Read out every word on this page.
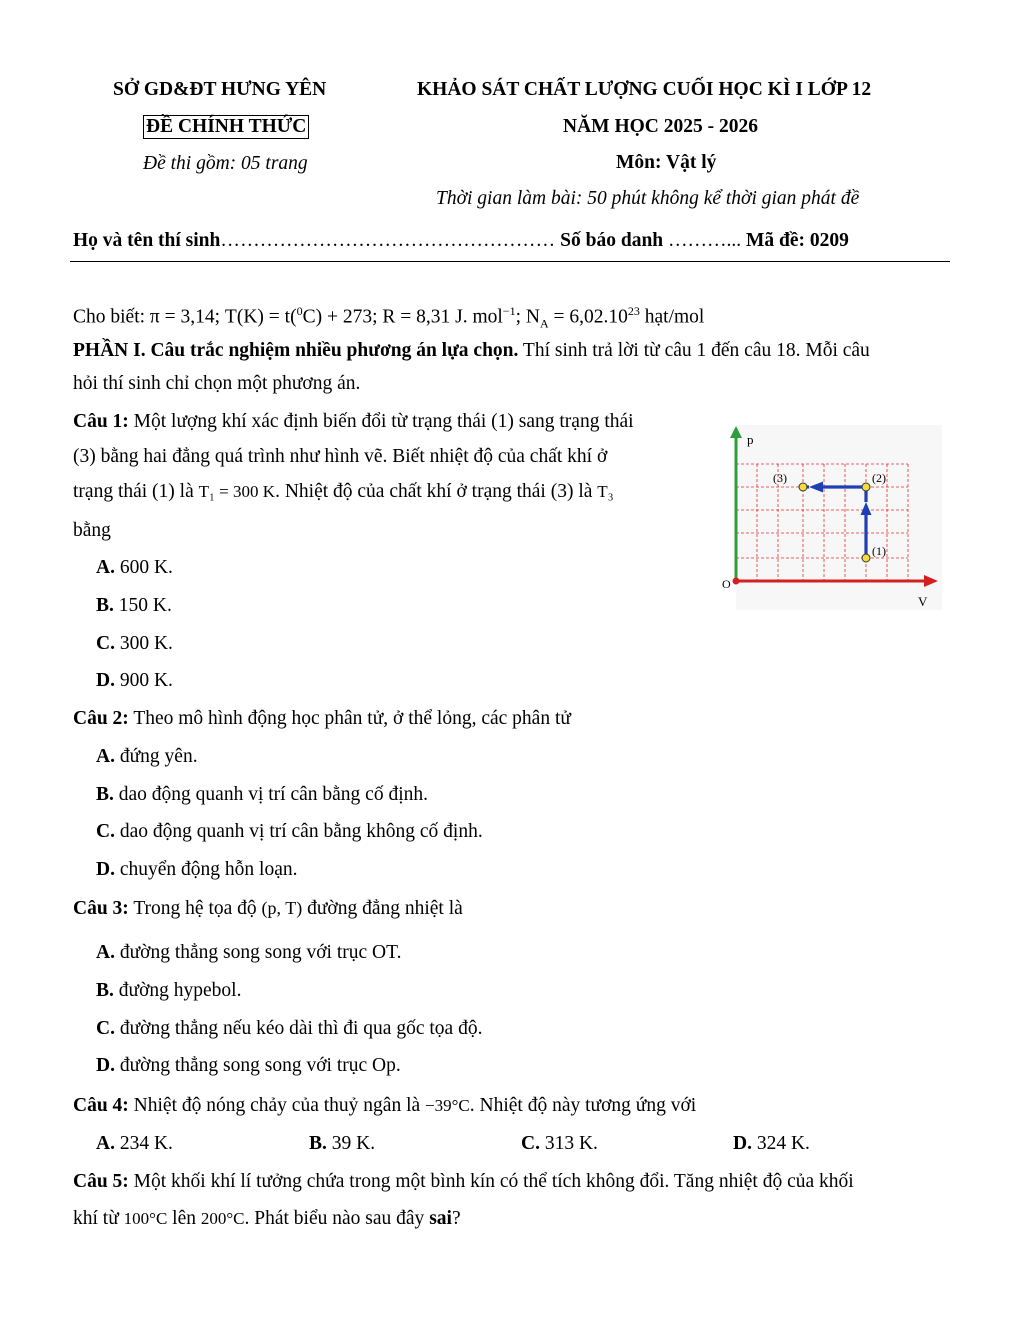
SỞ GD&ĐT HƯNG YÊN
ĐỀ CHÍNH THỨC
Đề thi gồm: 05 trang
KHẢO SÁT CHẤT LƯỢNG CUỐI HỌC KÌ I LỚP 12
NĂM HỌC 2025 - 2026
Môn: Vật lý
Thời gian làm bài: 50 phút không kể thời gian phát đề
Họ và tên thí sinh…………………………………………… Số báo danh ………... Mã đề: 0209
Cho biết: π = 3,14; T(K) = t($^0$C) + 273; R = 8,31 J. mol$^{-1}$; $N_A = 6,02.10^{23}$ hạt/mol
PHẦN I. Câu trắc nghiệm nhiều phương án lựa chọn. Thí sinh trả lời từ câu 1 đến câu 18. Mỗi câu
hỏi thí sinh chỉ chọn một phương án.
Câu 1: Một lượng khí xác định biến đổi từ trạng thái (1) sang trạng thái
(3) bằng hai đẳng quá trình như hình vẽ. Biết nhiệt độ của chất khí ở
trạng thái (1) là T₁ = 300 K. Nhiệt độ của chất khí ở trạng thái (3) là T₃
bằng
A. 600 K.
B. 150 K.
C. 300 K.
D. 900 K.
p
V
O
(1)
(2)
(3)
Câu 2: Theo mô hình động học phân tử, ở thể lỏng, các phân tử
A. đứng yên.
B. dao động quanh vị trí cân bằng cố định.
C. dao động quanh vị trí cân bằng không cố định.
D. chuyển động hỗn loạn.
Câu 3: Trong hệ tọa độ (p, T) đường đẳng nhiệt là
A. đường thẳng song song với trục OT.
B. đường hypebol.
C. đường thẳng nếu kéo dài thì đi qua gốc tọa độ.
D. đường thẳng song song với trục Op.
Câu 4: Nhiệt độ nóng chảy của thuỷ ngân là −39°C. Nhiệt độ này tương ứng với
A. 234 K.	B. 39 K.	C. 313 K.	D. 324 K.
Câu 5: Một khối khí lí tưởng chứa trong một bình kín có thể tích không đổi. Tăng nhiệt độ của khối
khí từ 100°C lên 200°C. Phát biểu nào sau đây sai?
